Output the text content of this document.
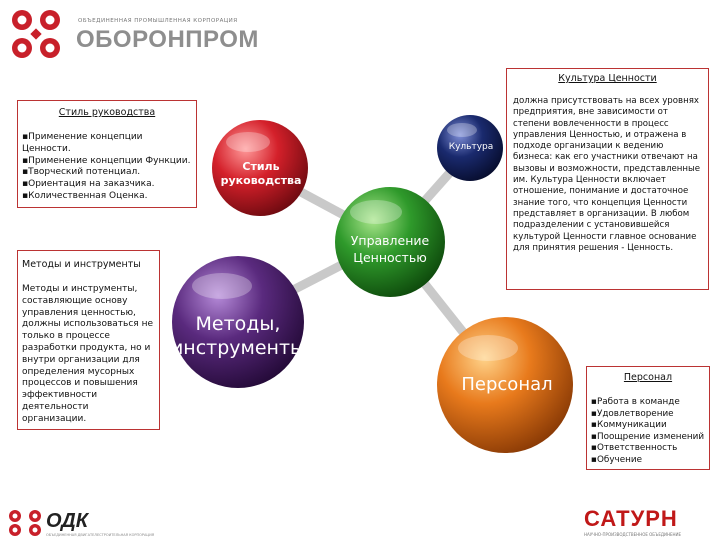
ОБЪЕДИНЕННАЯ ПРОМЫШЛЕННАЯ КОРПОРАЦИЯ
ОБОРОНПРОМ
Стиль руководства
Культура
Управление Ценностью
Методы, инструменты
Персонал
Стиль руководства
▪ Применение концепции Ценности.
▪ Применение концепции Функции.
▪ Творческий потенциал.
▪ Ориентация на заказчика.
▪ Количественная Оценка.
Методы и инструменты
Методы и инструменты, составляющие основу управления ценностью, должны использоваться не только в процессе разработки продукта, но и внутри организации для определения мусорных процессов и повышения эффективности деятельности организации.
Культура Ценности
должна присутствовать на всех уровнях предприятия, вне зависимости от степени вовлеченности в процесс управления Ценностью, и отражена в подходе организации к ведению бизнеса: как его участники отвечают на вызовы и возможности, представленные им. Культура Ценности включает отношение, понимание и достаточное знание того, что концепция Ценности представляет в организации. В любом подразделении с установившейся культурой Ценности главное основание для принятия решения - Ценность.
Персонал
▪ Работа в команде
▪ Удовлетворение
▪ Коммуникации
▪ Поощрение изменений
▪ Ответственность
▪ Обучение
ОДК
ОБЪЕДИНЕННАЯ ДВИГАТЕЛЕСТРОИТЕЛЬНАЯ КОРПОРАЦИЯ
САТУРН
НАУЧНО-ПРОИЗВОДСТВЕННОЕ ОБЪЕДИНЕНИЕ
